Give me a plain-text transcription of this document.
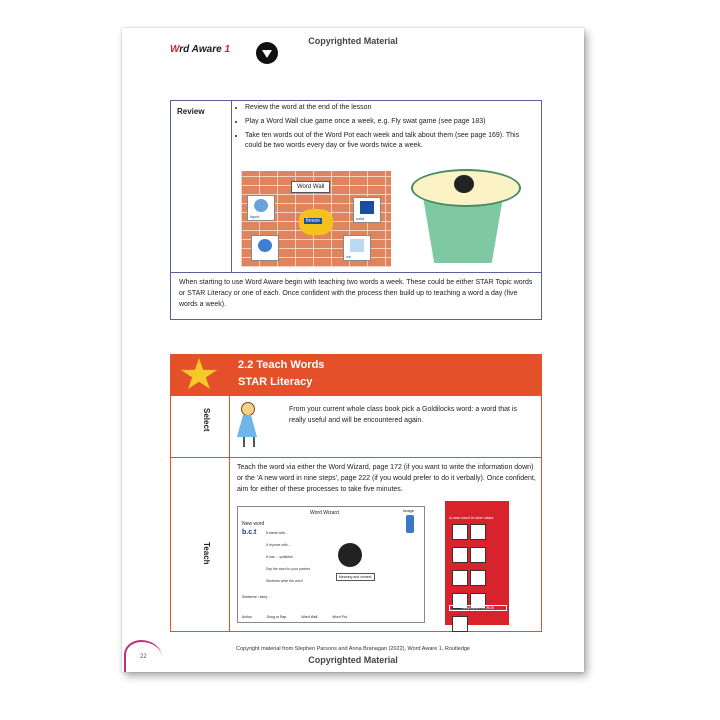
Copyrighted Material
Wrd Aware 1
Review
•	Review the word at the end of the lesson
• Play a Word Wall clue game once a week, e.g. Fly swat game (see page 183)
• Take ten words out of the Word Pot each week and talk about them (see page 169). This could be two words every day or five words twice a week.
Word Wall
liquid	solid
freeze
ice
When starting to use Word Aware begin with teaching two words a week. These could be either STAR Topic words or STAR Literacy or one of each. Once confident with the process then build up to teaching a word a day (five words a week).
2.2 Teach Words
STAR Literacy
Select	From your current whole class book pick a Goldilocks word: a word that is really useful and will be encountered again.
Teach
Teach the word via either the Word Wizard, page 172 (if you want to write the information down) or the 'A new word in nine steps', page 222 (if you would prefer to do it verbally). Once confident, aim for either of these processes to take five minutes.
Word Wizard	Image
New word
b.c.t	It starts with...
It rhymes with...
It has ... syllables
Say the word to your partner
Students write the word
Meaning and context
Sentence / story
Action	Song or Rap	Word Wall	Word Pot
A new word in nine steps
LEARNING WORDS
22
Copyright material from Stephen Parsons and Anna Branagan (2022), Word Aware 1, Routledge
Copyrighted Material
